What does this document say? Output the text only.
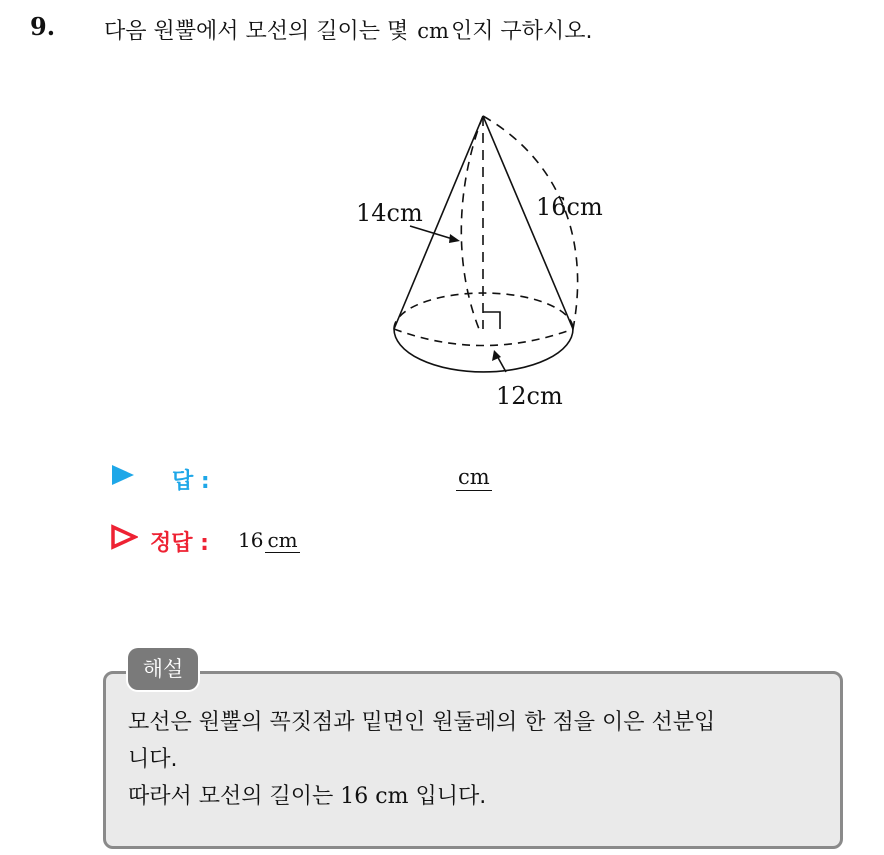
9. 다음 원뿔에서 모선의 길이는 몇 cm인지 구하시오.
14cm	16cm
12cm
답 :	cm
정답 : 16 cm
해설
모선은 원뿔의 꼭짓점과 밑면인 원둘레의 한 점을 이은 선분입
니다.
따라서 모선의 길이는 16 cm 입니다.
